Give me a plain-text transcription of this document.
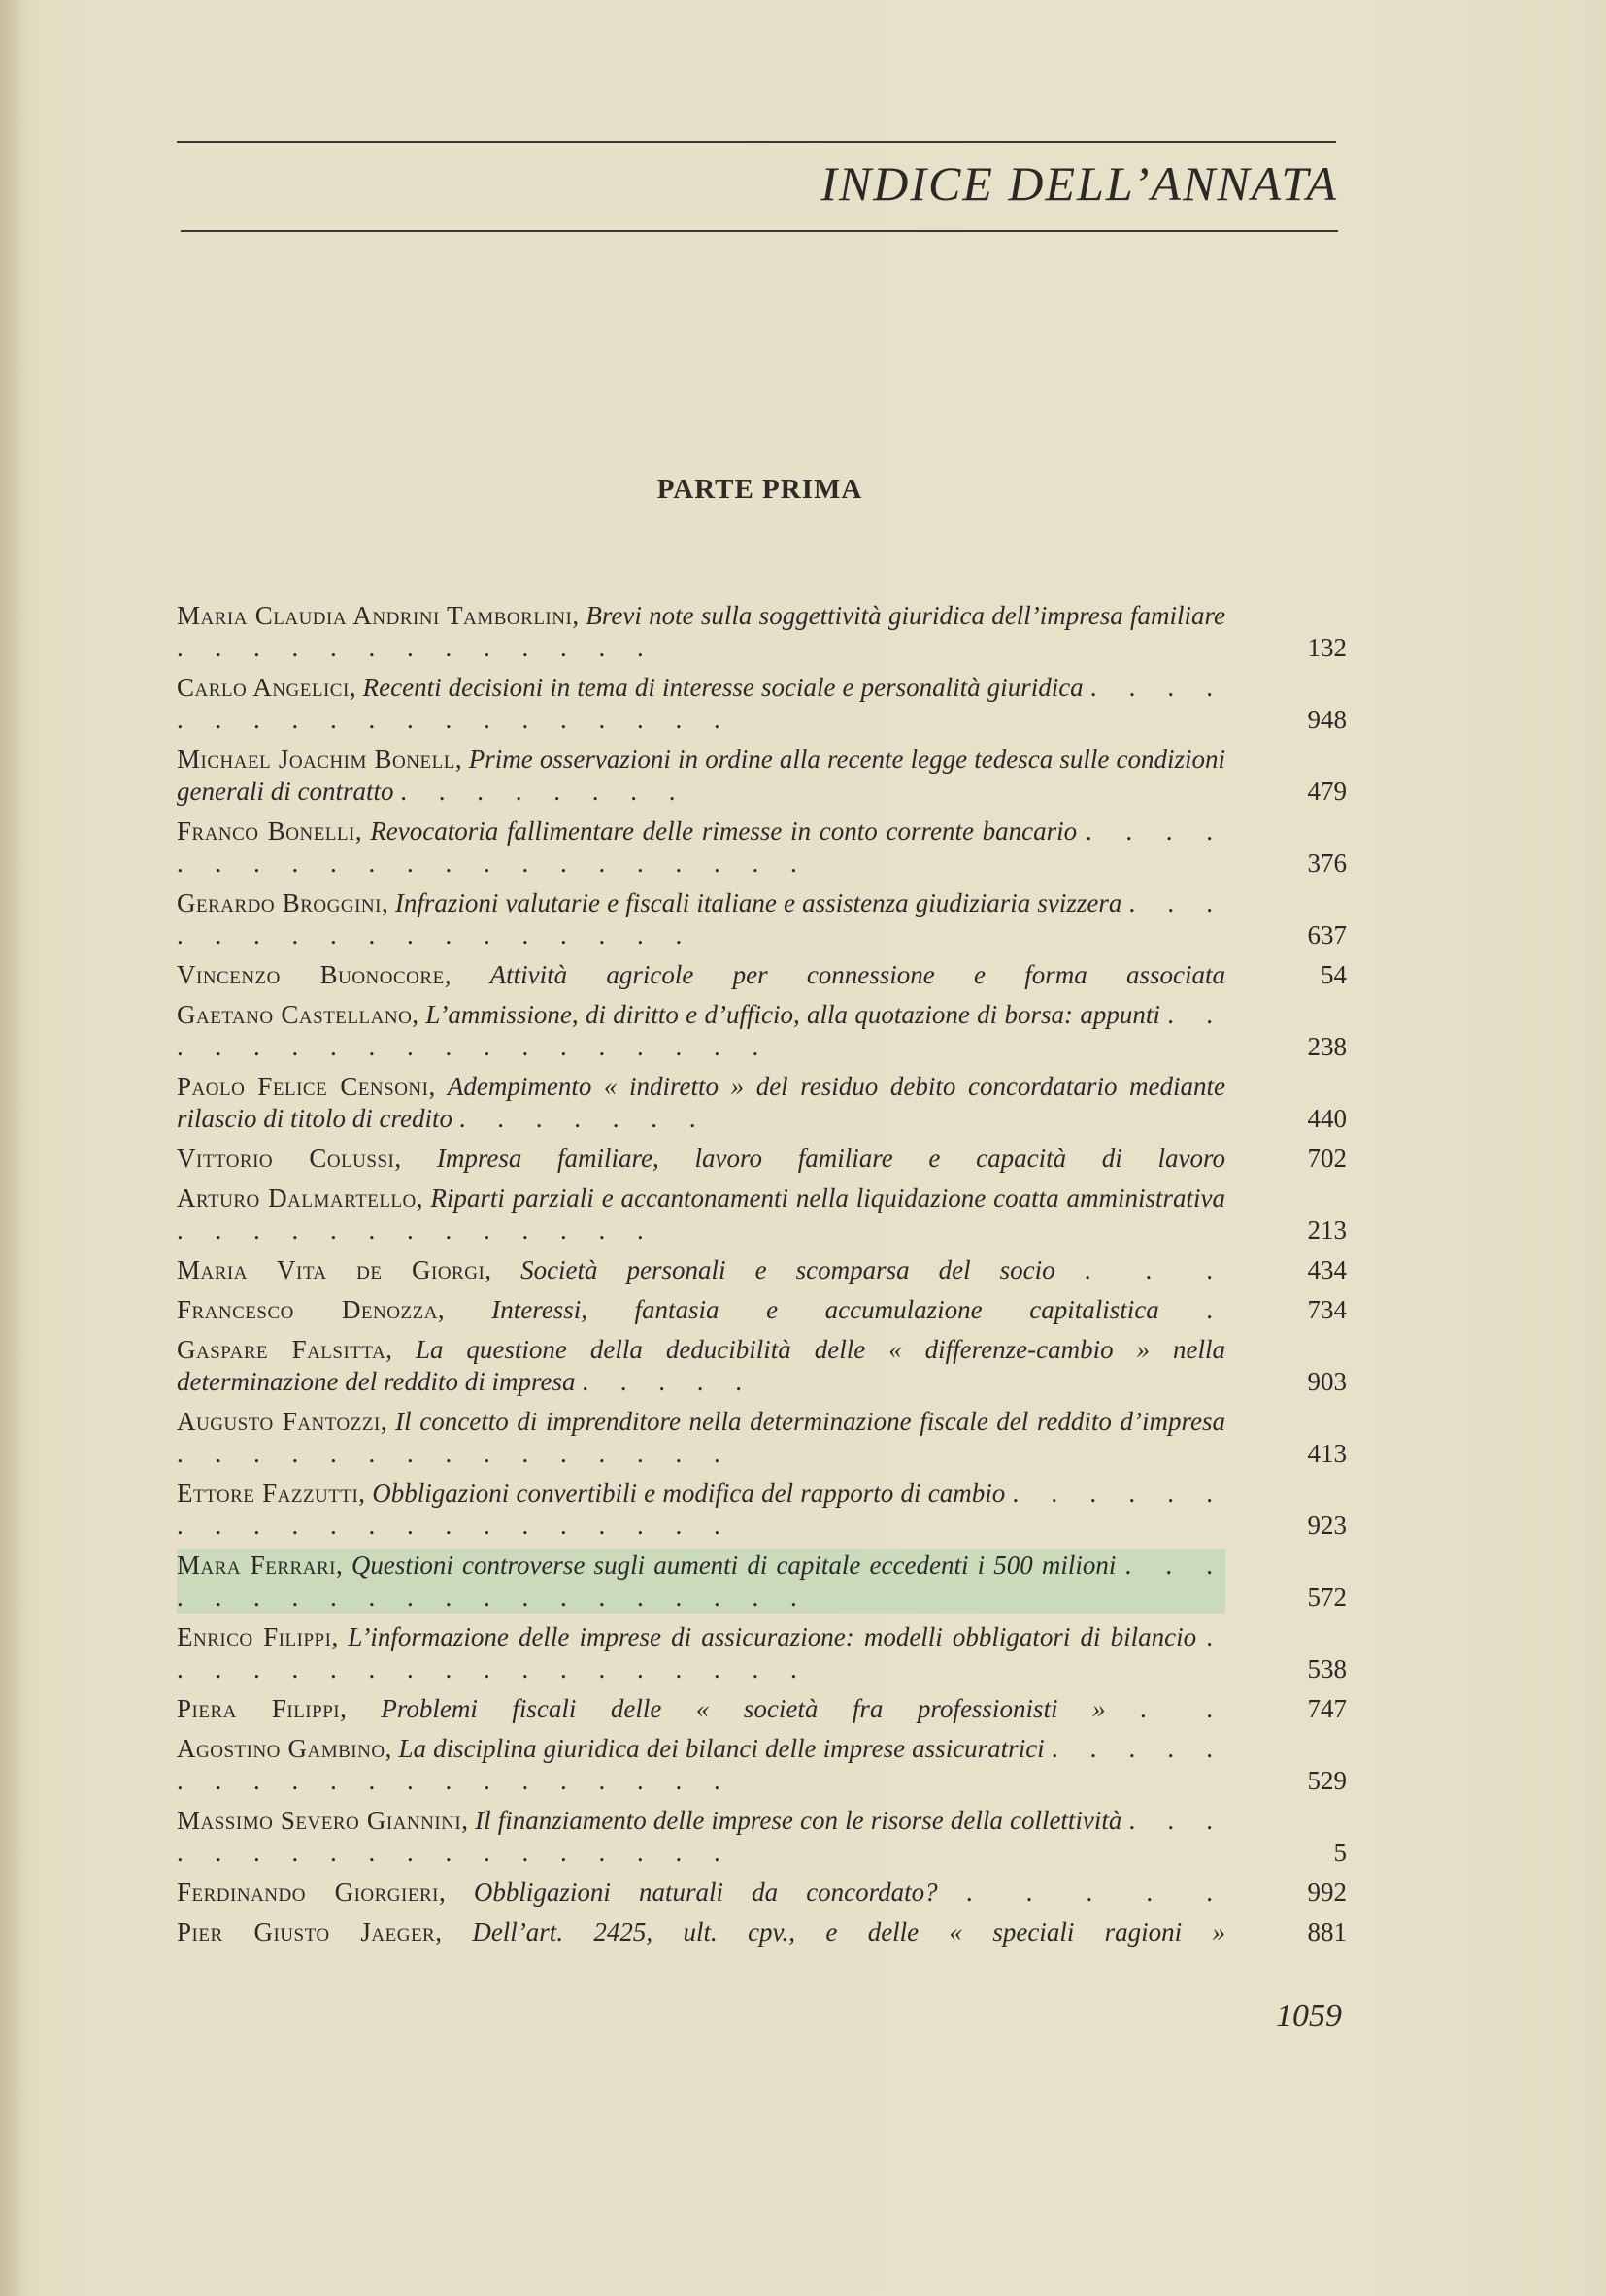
INDICE DELL’ANNATA
PARTE PRIMA
Maria Claudia Andrini Tamborlini, Brevi note sulla soggettività giuridica dell’impresa familiare . . . . . . . . . . . . .	132
Carlo Angelici, Recenti decisioni in tema di interesse sociale e personalità giuridica . . . . . . . . . . . . . . . . . . .	948
Michael Joachim Bonell, Prime osservazioni in ordine alla recente legge tedesca sulle condizioni generali di contratto . . . . . . . .	479
Franco Bonelli, Revocatoria fallimentare delle rimesse in conto corrente bancario . . . . . . . . . . . . . . . . . . . . .	376
Gerardo Broggini, Infrazioni valutarie e fiscali italiane e assistenza giudiziaria svizzera . . . . . . . . . . . . . . . . .	637
Vincenzo Buonocore, Attività agricole per connessione e forma associata	54
Gaetano Castellano, L’ammissione, di diritto e d’ufficio, alla quotazione di borsa: appunti . . . . . . . . . . . . . . . . . .	238
Paolo Felice Censoni, Adempimento « indiretto » del residuo debito concordatario mediante rilascio di titolo di credito . . . . . . .	440
Vittorio Colussi, Impresa familiare, lavoro familiare e capacità di lavoro	702
Arturo Dalmartello, Riparti parziali e accantonamenti nella liquidazione coatta amministrativa . . . . . . . . . . . . .	213
Maria Vita de Giorgi, Società personali e scomparsa del socio . . .	434
Francesco Denozza, Interessi, fantasia e accumulazione capitalistica .	734
Gaspare Falsitta, La questione della deducibilità delle « differenze-cambio » nella determinazione del reddito di impresa . . . . .	903
Augusto Fantozzi, Il concetto di imprenditore nella determinazione fiscale del reddito d’impresa . . . . . . . . . . . . . . .	413
Ettore Fazzutti, Obbligazioni convertibili e modifica del rapporto di cambio . . . . . . . . . . . . . . . . . . . . .	923
Mara Ferrari, Questioni controverse sugli aumenti di capitale eccedenti i 500 milioni . . . . . . . . . . . . . . . . . . . .	572
Enrico Filippi, L’informazione delle imprese di assicurazione: modelli obbligatori di bilancio . . . . . . . . . . . . . . . . . .	538
Piera Filippi, Problemi fiscali delle « società fra professionisti » . .	747
Agostino Gambino, La disciplina giuridica dei bilanci delle imprese assicuratrici . . . . . . . . . . . . . . . . . . . .	529
Massimo Severo Giannini, Il finanziamento delle imprese con le risorse della collettività . . . . . . . . . . . . . . . . . .	5
Ferdinando Giorgieri, Obbligazioni naturali da concordato? . . . . .	992
Pier Giusto Jaeger, Dell’art. 2425, ult. cpv., e delle « speciali ragioni »	881
1059
